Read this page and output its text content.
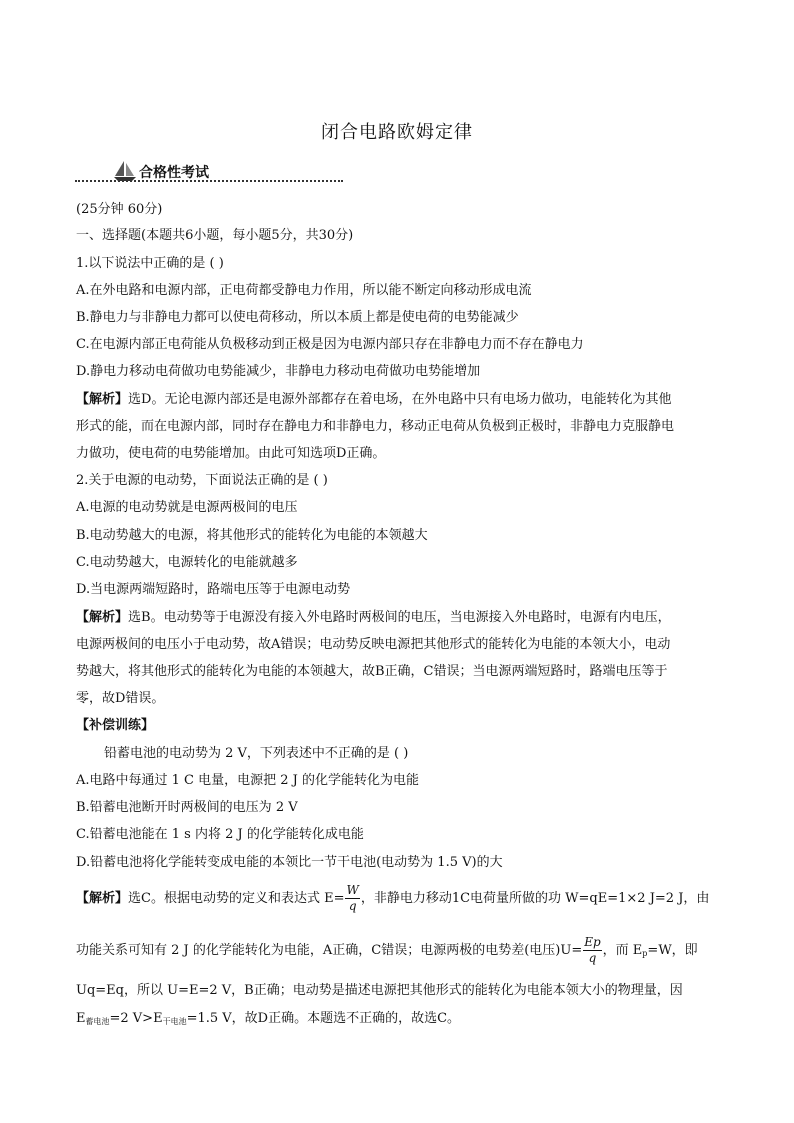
闭合电路欧姆定律
合格性考试
(25分钟 60分)
一、选择题(本题共6小题，每小题5分，共30分)
1.以下说法中正确的是 ( )
A.在外电路和电源内部，正电荷都受静电力作用，所以能不断定向移动形成电流
B.静电力与非静电力都可以使电荷移动，所以本质上都是使电荷的电势能减少
C.在电源内部正电荷能从负极移动到正极是因为电源内部只存在非静电力而不存在静电力
D.静电力移动电荷做功电势能减少，非静电力移动电荷做功电势能增加
【解析】选D。无论电源内部还是电源外部都存在着电场，在外电路中只有电场力做功，电能转化为其他
形式的能，而在电源内部，同时存在静电力和非静电力，移动正电荷从负极到正极时，非静电力克服静电
力做功，使电荷的电势能增加。由此可知选项D正确。
2.关于电源的电动势，下面说法正确的是 ( )
A.电源的电动势就是电源两极间的电压
B.电动势越大的电源，将其他形式的能转化为电能的本领越大
C.电动势越大，电源转化的电能就越多
D.当电源两端短路时，路端电压等于电源电动势
【解析】选B。电动势等于电源没有接入外电路时两极间的电压，当电源接入外电路时，电源有内电压，
电源两极间的电压小于电动势，故A错误；电动势反映电源把其他形式的能转化为电能的本领大小，电动
势越大，将其他形式的能转化为电能的本领越大，故B正确，C错误；当电源两端短路时，路端电压等于
零，故D错误。
【补偿训练】
铅蓄电池的电动势为 2 V，下列表述中不正确的是 ( )
A.电路中每通过 1 C 电量，电源把 2 J 的化学能转化为电能
B.铅蓄电池断开时两极间的电压为 2 V
C.铅蓄电池能在 1 s 内将 2 J 的化学能转化成电能
D.铅蓄电池将化学能转变成电能的本领比一节干电池(电动势为 1.5 V)的大
【解析】选C。根据电动势的定义和表达式 $E= \frac{W}{q}$ ，非静电力移动1C电荷量所做的功 W=qE=1×2 J=2 J，由
功能关系可知有 2 J 的化学能转化为电能，A正确，C错误；电源两极的电势差(电压)$U= \frac{Ep}{q}$ ，而 $E_p=W$，即
Uq=Eq，所以 U=E=2 V，B正确；电动势是描述电源把其他形式的能转化为电能本领大小的物理量，因
$E_{蓄电池}=2$ $V>E_{干电池}=1.5$ V，故D正确。本题选不正确的，故选C。
